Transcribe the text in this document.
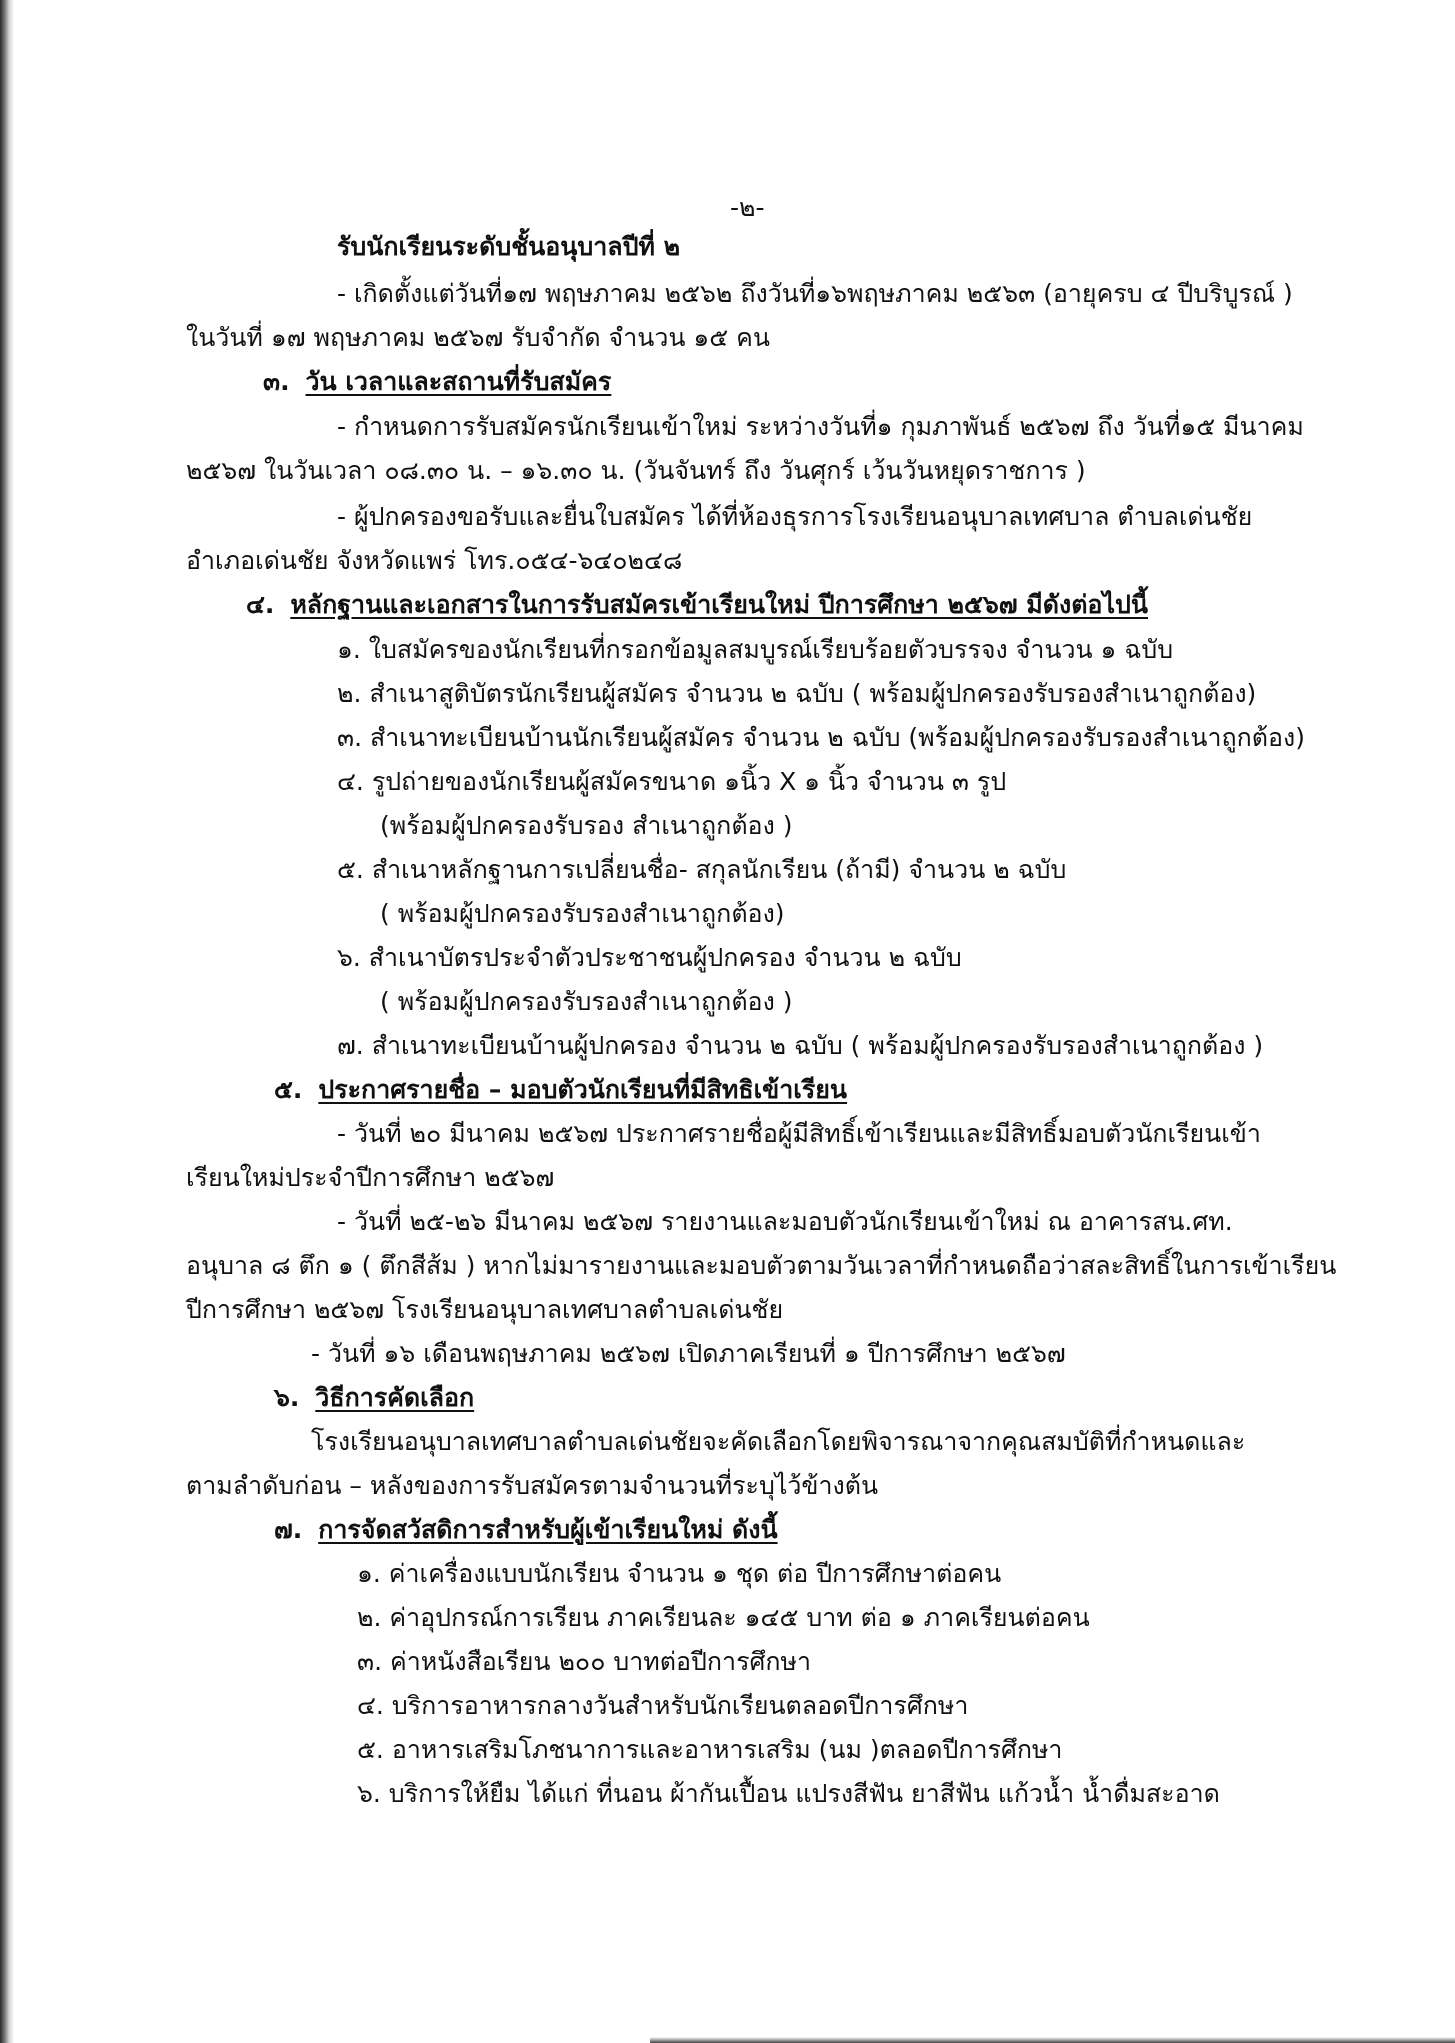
-๒-
รับนักเรียนระดับชั้นอนุบาลปีที่ ๒
- เกิดตั้งแต่วันที่๑๗ พฤษภาคม ๒๕๖๒ ถึงวันที่๑๖พฤษภาคม ๒๕๖๓ (อายุครบ ๔ ปีบริบูรณ์ )
ในวันที่ ๑๗ พฤษภาคม ๒๕๖๗ รับจำกัด จำนวน ๑๕ คน
๓. วัน เวลาและสถานที่รับสมัคร
- กำหนดการรับสมัครนักเรียนเข้าใหม่ ระหว่างวันที่๑ กุมภาพันธ์ ๒๕๖๗ ถึง วันที่๑๕ มีนาคม
๒๕๖๗ ในวันเวลา ๐๘.๓๐ น. – ๑๖.๓๐ น. (วันจันทร์ ถึง วันศุกร์ เว้นวันหยุดราชการ )
- ผู้ปกครองขอรับและยื่นใบสมัคร ได้ที่ห้องธุรการโรงเรียนอนุบาลเทศบาล ตำบลเด่นชัย
อำเภอเด่นชัย จังหวัดแพร่ โทร.๐๕๔-๖๔๐๒๔๘
๔. หลักฐานและเอกสารในการรับสมัครเข้าเรียนใหม่ ปีการศึกษา ๒๕๖๗ มีดังต่อไปนี้
๑. ใบสมัครของนักเรียนที่กรอกข้อมูลสมบูรณ์เรียบร้อยตัวบรรจง จำนวน ๑ ฉบับ
๒. สำเนาสูติบัตรนักเรียนผู้สมัคร จำนวน ๒ ฉบับ ( พร้อมผู้ปกครองรับรองสำเนาถูกต้อง)
๓. สำเนาทะเบียนบ้านนักเรียนผู้สมัคร จำนวน ๒ ฉบับ (พร้อมผู้ปกครองรับรองสำเนาถูกต้อง)
๔. รูปถ่ายของนักเรียนผู้สมัครขนาด ๑นิ้ว X ๑ นิ้ว จำนวน ๓ รูป
(พร้อมผู้ปกครองรับรอง สำเนาถูกต้อง )
๕. สำเนาหลักฐานการเปลี่ยนชื่อ- สกุลนักเรียน (ถ้ามี) จำนวน ๒ ฉบับ
( พร้อมผู้ปกครองรับรองสำเนาถูกต้อง)
๖. สำเนาบัตรประจำตัวประชาชนผู้ปกครอง จำนวน ๒ ฉบับ
( พร้อมผู้ปกครองรับรองสำเนาถูกต้อง )
๗. สำเนาทะเบียนบ้านผู้ปกครอง จำนวน ๒ ฉบับ ( พร้อมผู้ปกครองรับรองสำเนาถูกต้อง )
๕. ประกาศรายชื่อ – มอบตัวนักเรียนที่มีสิทธิเข้าเรียน
- วันที่ ๒๐ มีนาคม ๒๕๖๗ ประกาศรายชื่อผู้มีสิทธิ์เข้าเรียนและมีสิทธิ์มอบตัวนักเรียนเข้า
เรียนใหม่ประจำปีการศึกษา ๒๕๖๗
- วันที่ ๒๕-๒๖ มีนาคม ๒๕๖๗ รายงานและมอบตัวนักเรียนเข้าใหม่ ณ อาคารสน.ศท.
อนุบาล ๘ ตึก ๑ ( ตึกสีส้ม ) หากไม่มารายงานและมอบตัวตามวันเวลาที่กำหนดถือว่าสละสิทธิ์ในการเข้าเรียน
ปีการศึกษา ๒๕๖๗ โรงเรียนอนุบาลเทศบาลตำบลเด่นชัย
- วันที่ ๑๖ เดือนพฤษภาคม ๒๕๖๗ เปิดภาคเรียนที่ ๑ ปีการศึกษา ๒๕๖๗
๖. วิธีการคัดเลือก
โรงเรียนอนุบาลเทศบาลตำบลเด่นชัยจะคัดเลือกโดยพิจารณาจากคุณสมบัติที่กำหนดและ
ตามลำดับก่อน – หลังของการรับสมัครตามจำนวนที่ระบุไว้ข้างต้น
๗. การจัดสวัสดิการสำหรับผู้เข้าเรียนใหม่ ดังนี้
๑. ค่าเครื่องแบบนักเรียน จำนวน ๑ ชุด ต่อ ปีการศึกษาต่อคน
๒. ค่าอุปกรณ์การเรียน ภาคเรียนละ ๑๔๕ บาท ต่อ ๑ ภาคเรียนต่อคน
๓. ค่าหนังสือเรียน ๒๐๐ บาทต่อปีการศึกษา
๔. บริการอาหารกลางวันสำหรับนักเรียนตลอดปีการศึกษา
๕. อาหารเสริมโภชนาการและอาหารเสริม (นม )ตลอดปีการศึกษา
๖. บริการให้ยืม ได้แก่ ที่นอน ผ้ากันเปื้อน แปรงสีฟัน ยาสีฟัน แก้วน้ำ น้ำดื่มสะอาด
